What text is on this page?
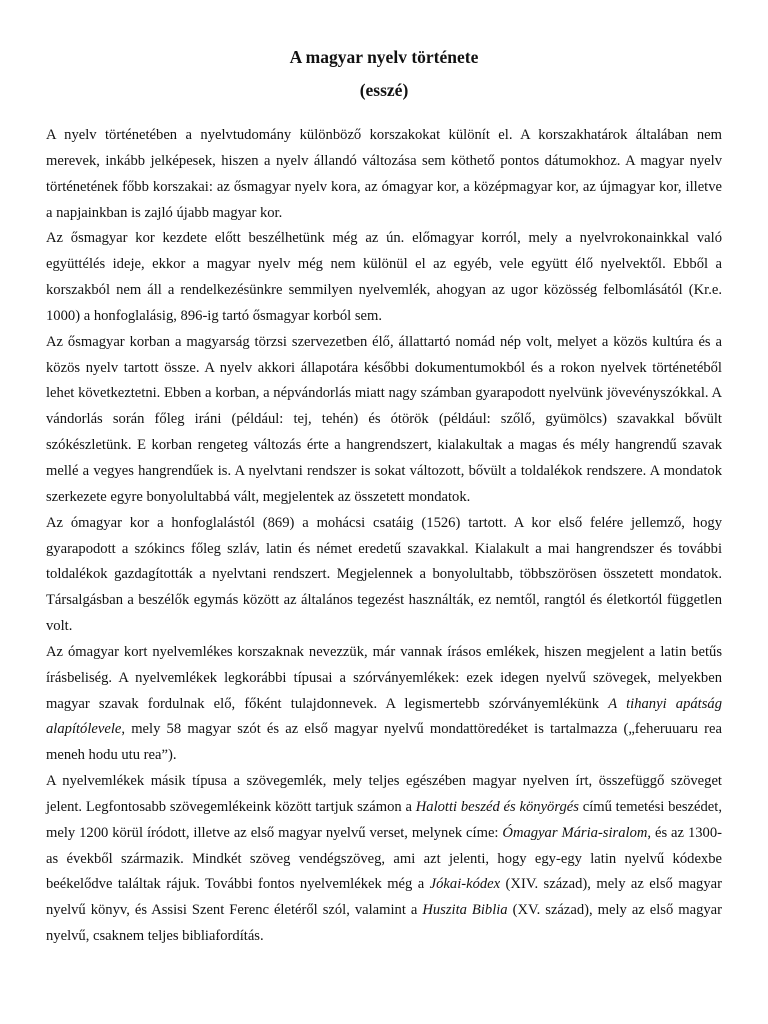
A magyar nyelv története
(esszé)

A nyelv történetében a nyelvtudomány különböző korszakokat különít el. A korszakhatárok általában nem merevek, inkább jelképesek, hiszen a nyelv állandó változása sem köthető pontos dátumokhoz. A magyar nyelv történetének főbb korszakai: az ősmagyar nyelv kora, az ómagyar kor, a középmagyar kor, az újmagyar kor, illetve a napjainkban is zajló újabb magyar kor.

Az ősmagyar kor kezdete előtt beszélhetünk még az ún. előmagyar korról, mely a nyelvrokonainkkal való együttélés ideje, ekkor a magyar nyelv még nem különül el az egyéb, vele együtt élő nyelvektől. Ebből a korszakból nem áll a rendelkezésünkre semmilyen nyelvemlék, ahogyan az ugor közösség felbomlásától (Kr.e. 1000) a honfoglalásig, 896-ig tartó ősmagyar korból sem.

Az ősmagyar korban a magyarság törzsi szervezetben élő, állattartó nomád nép volt, melyet a közös kultúra és a közös nyelv tartott össze. A nyelv akkori állapotára későbbi dokumentumokból és a rokon nyelvek történetéből lehet következtetni. Ebben a korban, a népvándorlás miatt nagy számban gyarapodott nyelvünk jövevényszókkal. A vándorlás során főleg iráni (például: tej, tehén) és ótörök (például: szőlő, gyümölcs) szavakkal bővült szókészletünk. E korban rengeteg változás érte a hangrendszert, kialakultak a magas és mély hangrendű szavak mellé a vegyes hangrendűek is. A nyelvtani rendszer is sokat változott, bővült a toldalékok rendszere. A mondatok szerkezete egyre bonyolultabbá vált, megjelentek az összetett mondatok.

Az ómagyar kor a honfoglalástól (869) a mohácsi csatáig (1526) tartott. A kor első felére jellemző, hogy gyarapodott a szókincs főleg szláv, latin és német eredetű szavakkal. Kialakult a mai hangrendszer és további toldalékok gazdagították a nyelvtani rendszert. Megjelennek a bonyolultabb, többszörösen összetett mondatok. Társalgásban a beszélők egymás között az általános tegezést használták, ez nemtől, rangtól és életkortól független volt.

Az ómagyar kort nyelvemlékes korszaknak nevezzük, már vannak írásos emlékek, hiszen megjelent a latin betűs írásbeliség. A nyelvemlékek legkorábbi típusai a szórványemlékek: ezek idegen nyelvű szövegek, melyekben magyar szavak fordulnak elő, főként tulajdonnevek. A legismertebb szórványemlékünk A tihanyi apátság alapítólevele, mely 58 magyar szót és az első magyar nyelvű mondattöredéket is tartalmazza („feheruuaru rea meneh hodu utu rea”).

A nyelvemlékek másik típusa a szövegemlék, mely teljes egészében magyar nyelven írt, összefüggő szöveget jelent. Legfontosabb szövegemlékeink között tartjuk számon a Halotti beszéd és könyörgés című temetési beszédet, mely 1200 körül íródott, illetve az első magyar nyelvű verset, melynek címe: Ómagyar Mária-siralom, és az 1300-as évekből származik. Mindkét szöveg vendégszöveg, ami azt jelenti, hogy egy-egy latin nyelvű kódexbe beékelődve találtak rájuk. További fontos nyelvemlékek még a Jókai-kódex (XIV. század), mely az első magyar nyelvű könyv, és Assisi Szent Ferenc életéről szól, valamint a Huszita Biblia (XV. század), mely az első magyar nyelvű, csaknem teljes bibliafordítás.
